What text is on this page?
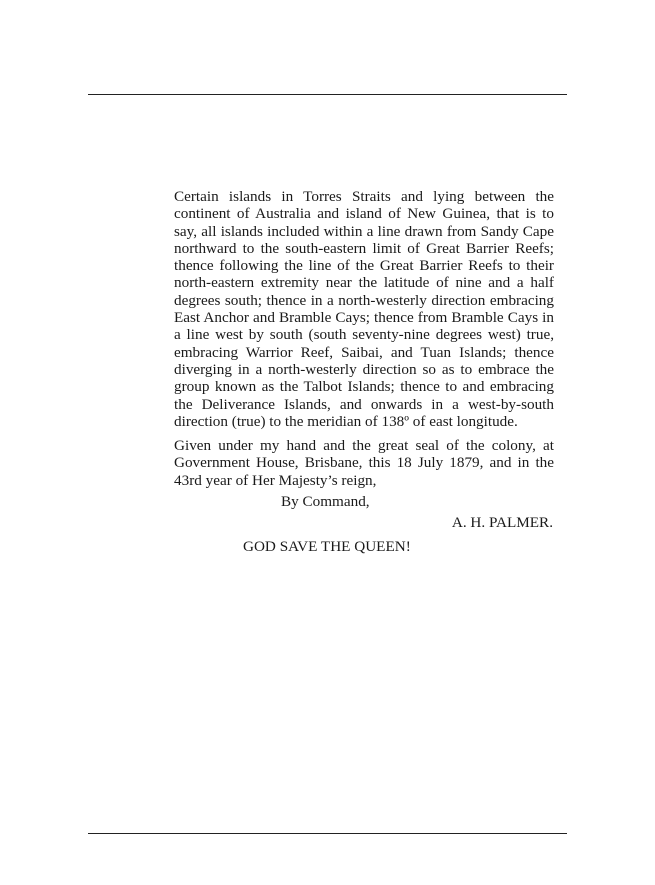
Certain islands in Torres Straits and lying between the
continent of Australia and island of New Guinea, that is to
say, all islands included within a line drawn from Sandy Cape
northward to the south-eastern limit of Great Barrier Reefs;
thence following the line of the Great Barrier Reefs to their
north-eastern extremity near the latitude of nine and a half
degrees south; thence in a north-westerly direction embracing
East Anchor and Bramble Cays; thence from Bramble Cays in
a line west by south (south seventy-nine degrees west) true,
embracing Warrior Reef, Saibai, and Tuan Islands; thence
diverging in a north-westerly direction so as to embrace the
group known as the Talbot Islands; thence to and embracing
the Deliverance Islands, and onwards in a west-by-south
direction (true) to the meridian of 138º of east longitude.

Given under my hand and the great seal of the colony, at
Government House, Brisbane, this 18 July 1879, and in the
43rd year of Her Majesty’s reign,

By Command,
A. H. PALMER.
GOD SAVE THE QUEEN!
